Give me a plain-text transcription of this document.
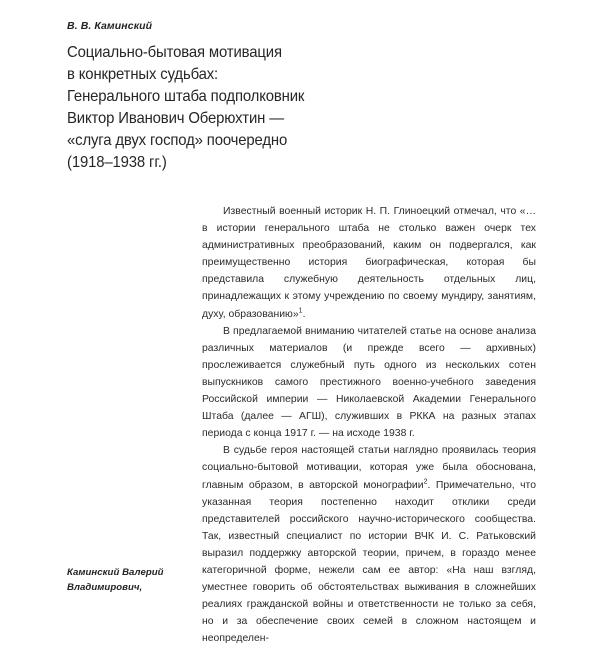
В. В. Каминский
Социально-бытовая мотивация
в конкретных судьбах:
Генерального штаба подполковник
Виктор Иванович Оберюхтин —
«слуга двух господ» поочередно
(1918–1938 гг.)

Известный военный историк Н. П. Глиноецкий отмечал, что «…в истории генерального штаба не столько важен очерк тех административных преобразований, каким он подвергался, как преимущественно история биографическая, которая бы представила служебную деятельность отдельных лиц, принадлежащих к этому учреждению по своему мундиру, занятиям, духу, образованию»$^1$.

В предлагаемой вниманию читателей статье на основе анализа различных материалов (и прежде всего — архивных) прослеживается служебный путь одного из нескольких сотен выпускников самого престижного военно-учебного заведения Российской империи — Николаевской Академии Генерального Штаба (далее — АГШ), служивших в РККА на разных этапах периода с конца 1917 г. — на исходе 1938 г.

В судьбе героя настоящей статьи наглядно проявилась теория социально-бытовой мотивации, которая уже была обоснована, главным образом, в авторской монографии$^2$. Примечательно, что указанная теория постепенно находит отклики среди представителей российского научно-исторического сообщества. Так, известный специалист по истории ВЧК И. С. Ратьковский выразил поддержку авторской теории, причем, в гораздо менее категоричной форме, нежели сам ее автор: «На наш взгляд, уместнее говорить об обстоятельствах выживания в сложнейших реалиях гражданской войны и ответственности не только за себя, но и за обеспечение своих семей в сложном настоящем и неопределен-

Каминский Валерий
Владимирович,
